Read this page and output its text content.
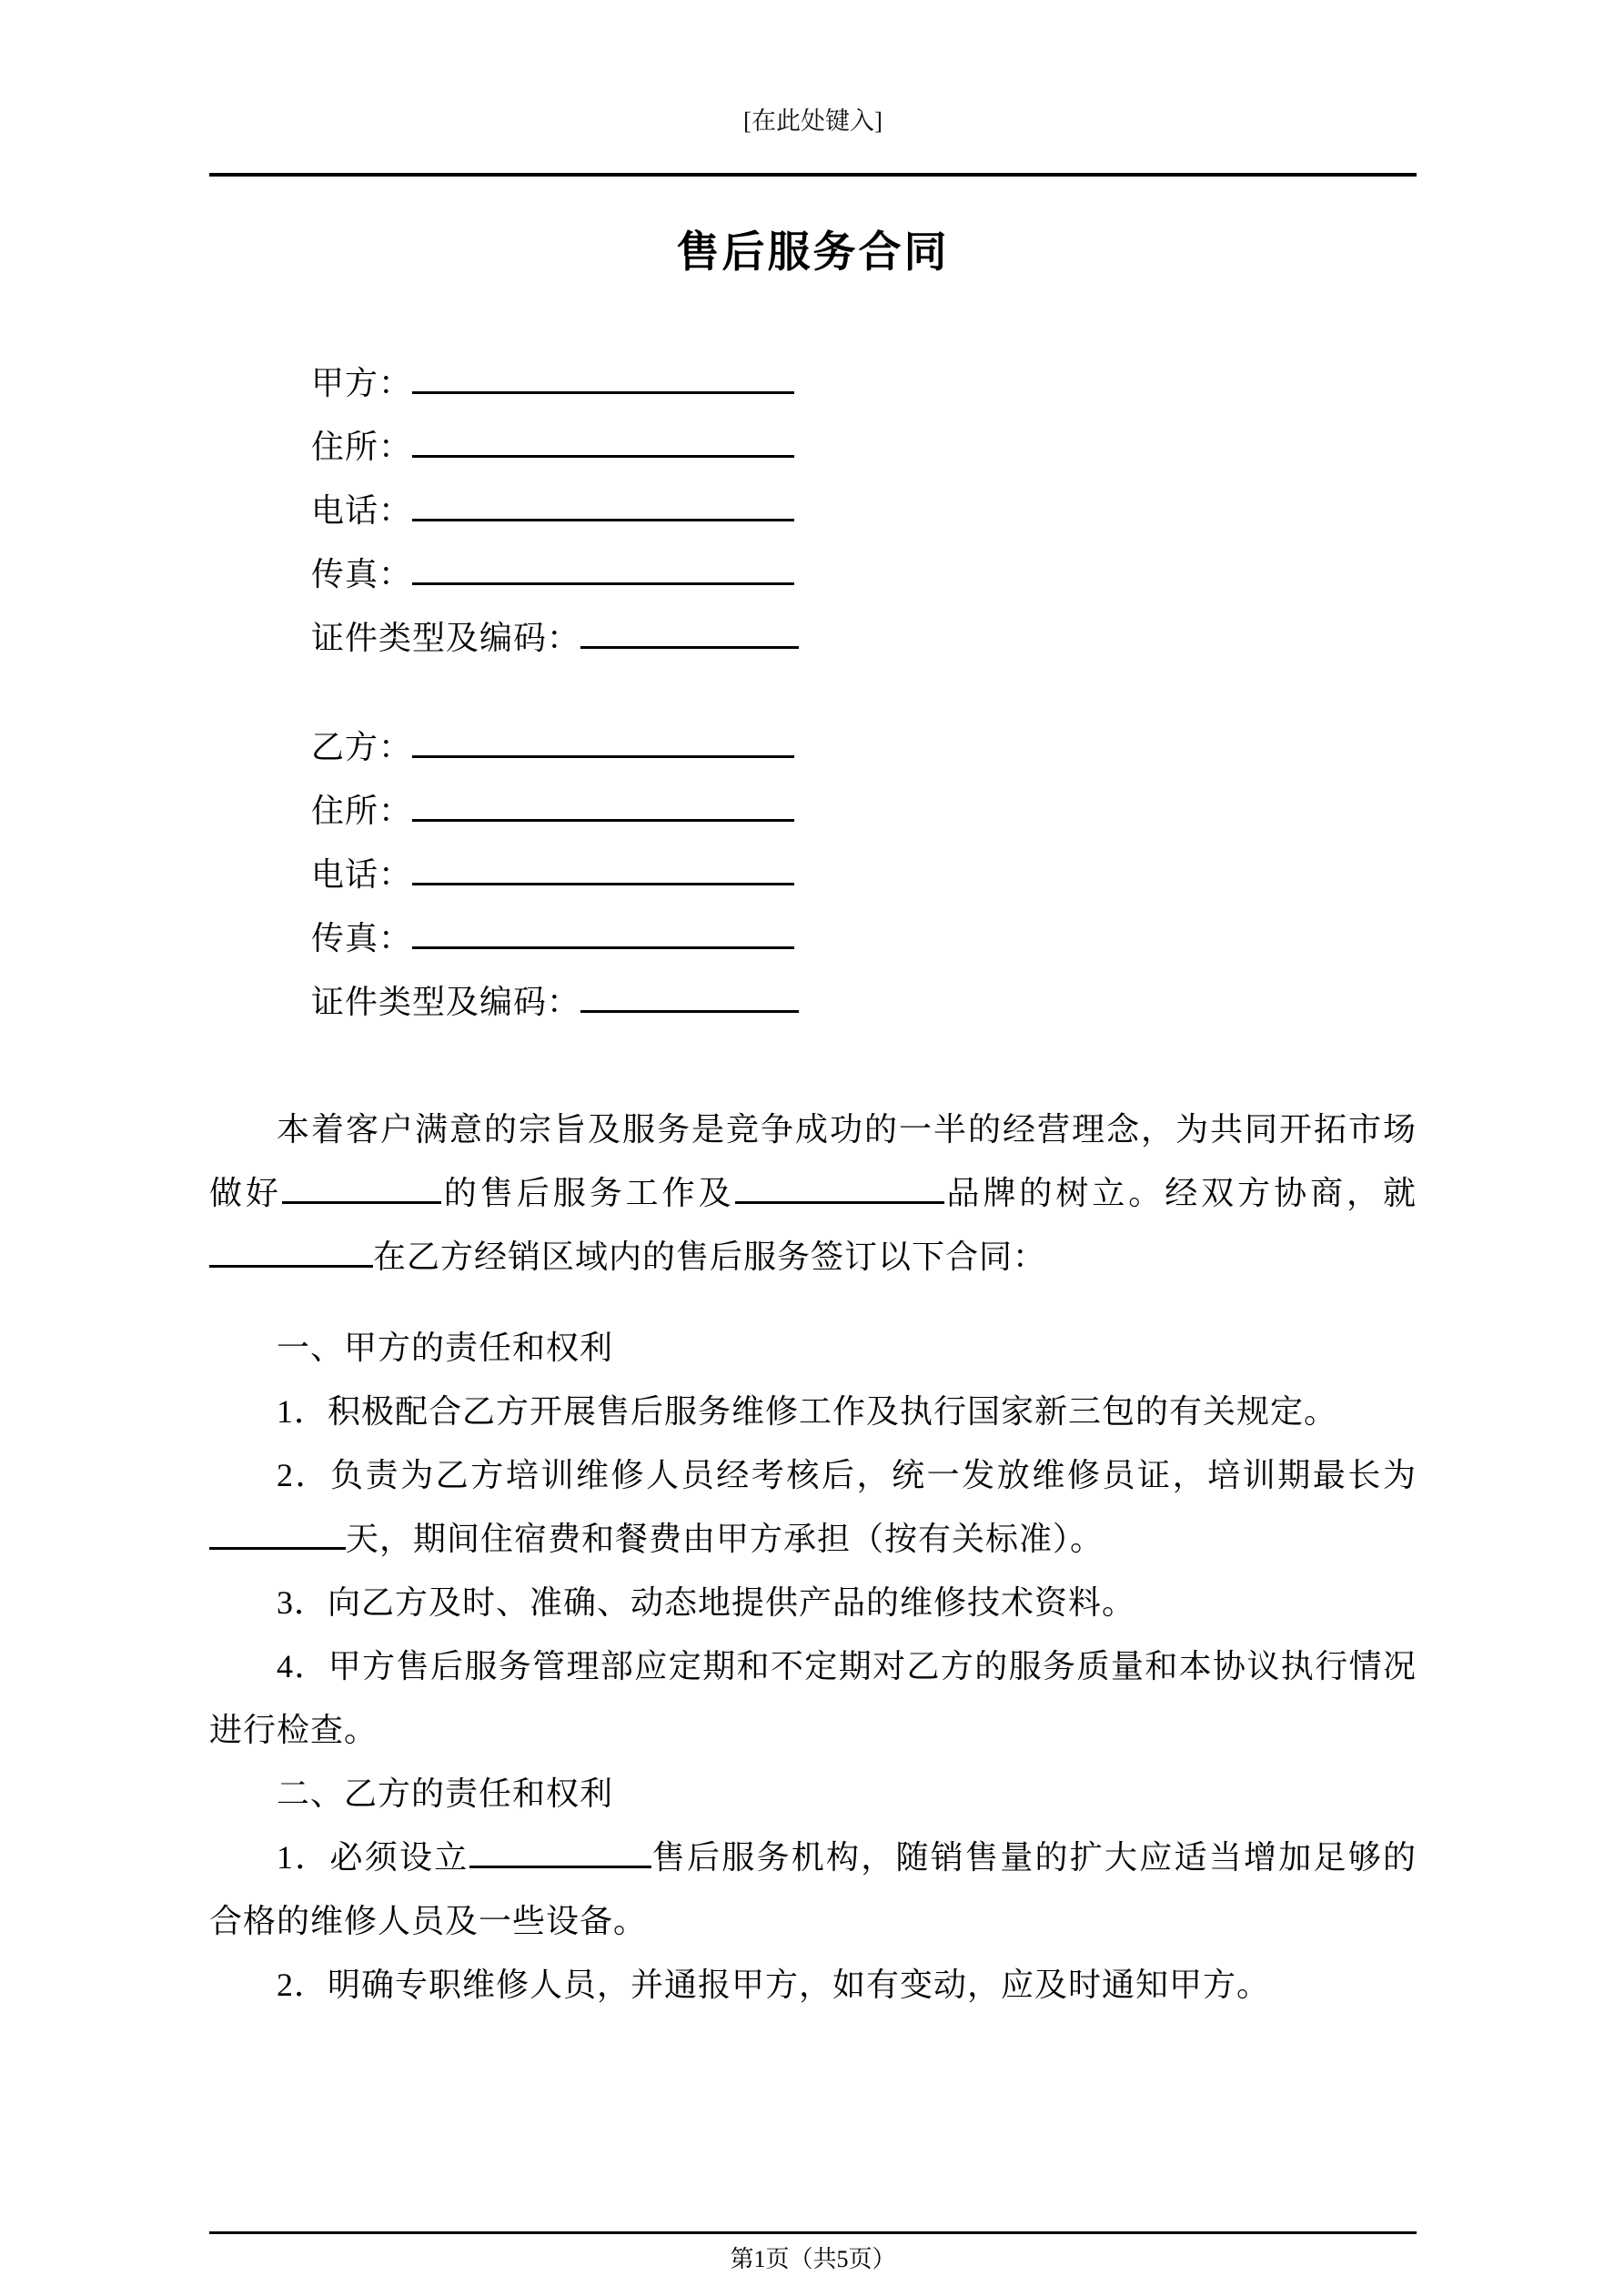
[在此处键入]
售后服务合同
甲方：
住所：
电话：
传真：
证件类型及编码：
乙方：
住所：
电话：
传真：
证件类型及编码：

本着客户满意的宗旨及服务是竞争成功的一半的经营理念，为共同开拓市场做好	的售后服务工作及	品牌的树立。经双方协商，就在乙方经销区域内的售后服务签订以下合同：

一、甲方的责任和权利

1．积极配合乙方开展售后服务维修工作及执行国家新三包的有关规定。

2．负责为乙方培训维修人员经考核后，统一发放维修员证，培训期最长为天，期间住宿费和餐费由甲方承担（按有关标准）。

3．向乙方及时、准确、动态地提供产品的维修技术资料。

4．甲方售后服务管理部应定期和不定期对乙方的服务质量和本协议执行情况进行检查。

二、乙方的责任和权利

1．必须设立	售后服务机构，随销售量的扩大应适当增加足够的合格的维修人员及一些设备。

2．明确专职维修人员，并通报甲方，如有变动，应及时通知甲方。

第1页（共5页）
